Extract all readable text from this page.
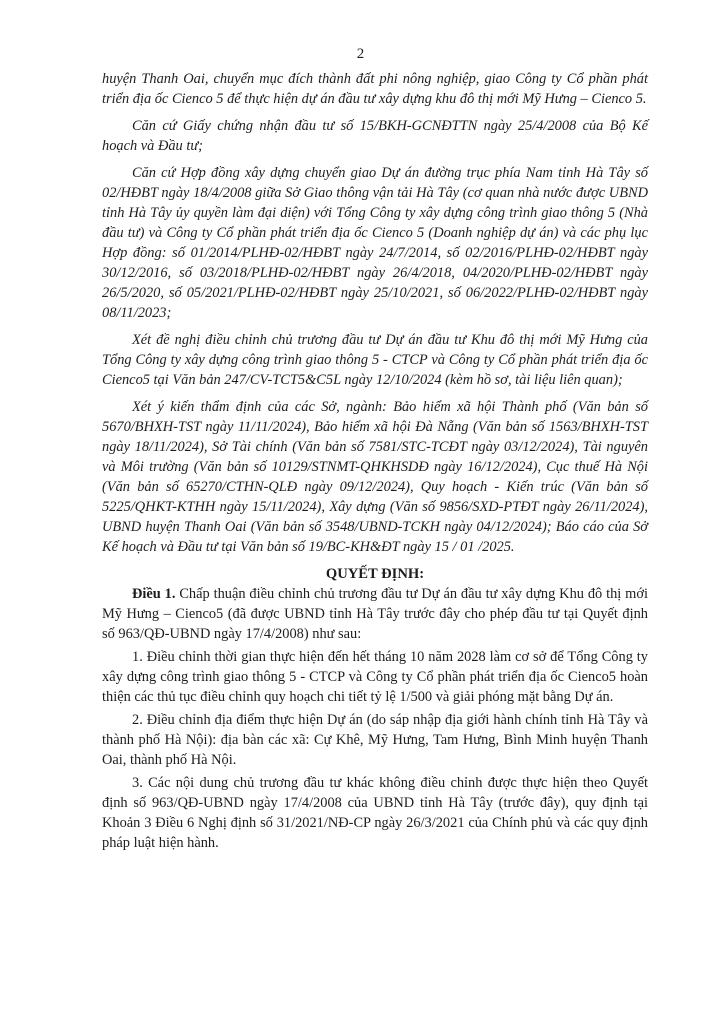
2

huyện Thanh Oai, chuyển mục đích thành đất phi nông nghiệp, giao Công ty Cổ phần phát triển địa ốc Cienco 5 để thực hiện dự án đầu tư xây dựng khu đô thị mới Mỹ Hưng – Cienco 5.

Căn cứ Giấy chứng nhận đầu tư số 15/BKH-GCNĐTTN ngày 25/4/2008 của Bộ Kế hoạch và Đầu tư;

Căn cứ Hợp đồng xây dựng chuyển giao Dự án đường trục phía Nam tỉnh Hà Tây số 02/HĐBT ngày 18/4/2008 giữa Sở Giao thông vận tải Hà Tây (cơ quan nhà nước được UBND tỉnh Hà Tây ủy quyền làm đại diện) với Tổng Công ty xây dựng công trình giao thông 5 (Nhà đầu tư) và Công ty Cổ phần phát triển địa ốc Cienco 5 (Doanh nghiệp dự án) và các phụ lục Hợp đồng: số 01/2014/PLHĐ-02/HĐBT ngày 24/7/2014, số 02/2016/PLHĐ-02/HĐBT ngày 30/12/2016, số 03/2018/PLHĐ-02/HĐBT ngày 26/4/2018, 04/2020/PLHĐ-02/HĐBT ngày 26/5/2020, số 05/2021/PLHĐ-02/HĐBT ngày 25/10/2021, số 06/2022/PLHĐ-02/HĐBT ngày 08/11/2023;

Xét đề nghị điều chỉnh chủ trương đầu tư Dự án đầu tư Khu đô thị mới Mỹ Hưng của Tổng Công ty xây dựng công trình giao thông 5 - CTCP và Công ty Cổ phần phát triển địa ốc Cienco5 tại Văn bản 247/CV-TCT5&C5L ngày 12/10/2024 (kèm hồ sơ, tài liệu liên quan);

Xét ý kiến thẩm định của các Sở, ngành: Bảo hiểm xã hội Thành phố (Văn bản số 5670/BHXH-TST ngày 11/11/2024), Bảo hiểm xã hội Đà Nẵng (Văn bản số 1563/BHXH-TST ngày 18/11/2024), Sở Tài chính (Văn bản số 7581/STC-TCĐT ngày 03/12/2024), Tài nguyên và Môi trường (Văn bản số 10129/STNMT-QHKHSDĐ ngày 16/12/2024), Cục thuế Hà Nội (Văn bản số 65270/CTHN-QLĐ ngày 09/12/2024), Quy hoạch - Kiến trúc (Văn bản số 5225/QHKT-KTHH ngày 15/11/2024), Xây dựng (Văn số 9856/SXD-PTĐT ngày 26/11/2024), UBND huyện Thanh Oai (Văn bản số 3548/UBND-TCKH ngày 04/12/2024); Báo cáo của Sở Kế hoạch và Đầu tư tại Văn bản số 19/BC-KH&ĐT ngày 15 / 01 /2025.

QUYẾT ĐỊNH:

Điều 1. Chấp thuận điều chỉnh chủ trương đầu tư Dự án đầu tư xây dựng Khu đô thị mới Mỹ Hưng – Cienco5 (đã được UBND tỉnh Hà Tây trước đây cho phép đầu tư tại Quyết định số 963/QĐ-UBND ngày 17/4/2008) như sau:

1. Điều chỉnh thời gian thực hiện đến hết tháng 10 năm 2028 làm cơ sở để Tổng Công ty xây dựng công trình giao thông 5 - CTCP và Công ty Cổ phần phát triển địa ốc Cienco5 hoàn thiện các thủ tục điều chỉnh quy hoạch chi tiết tỷ lệ 1/500 và giải phóng mặt bằng Dự án.

2. Điều chỉnh địa điểm thực hiện Dự án (do sáp nhập địa giới hành chính tỉnh Hà Tây và thành phố Hà Nội): địa bàn các xã: Cự Khê, Mỹ Hưng, Tam Hưng, Bình Minh huyện Thanh Oai, thành phố Hà Nội.

3. Các nội dung chủ trương đầu tư khác không điều chỉnh được thực hiện theo Quyết định số 963/QĐ-UBND ngày 17/4/2008 của UBND tỉnh Hà Tây (trước đây), quy định tại Khoản 3 Điều 6 Nghị định số 31/2021/NĐ-CP ngày 26/3/2021 của Chính phủ và các quy định pháp luật hiện hành.
